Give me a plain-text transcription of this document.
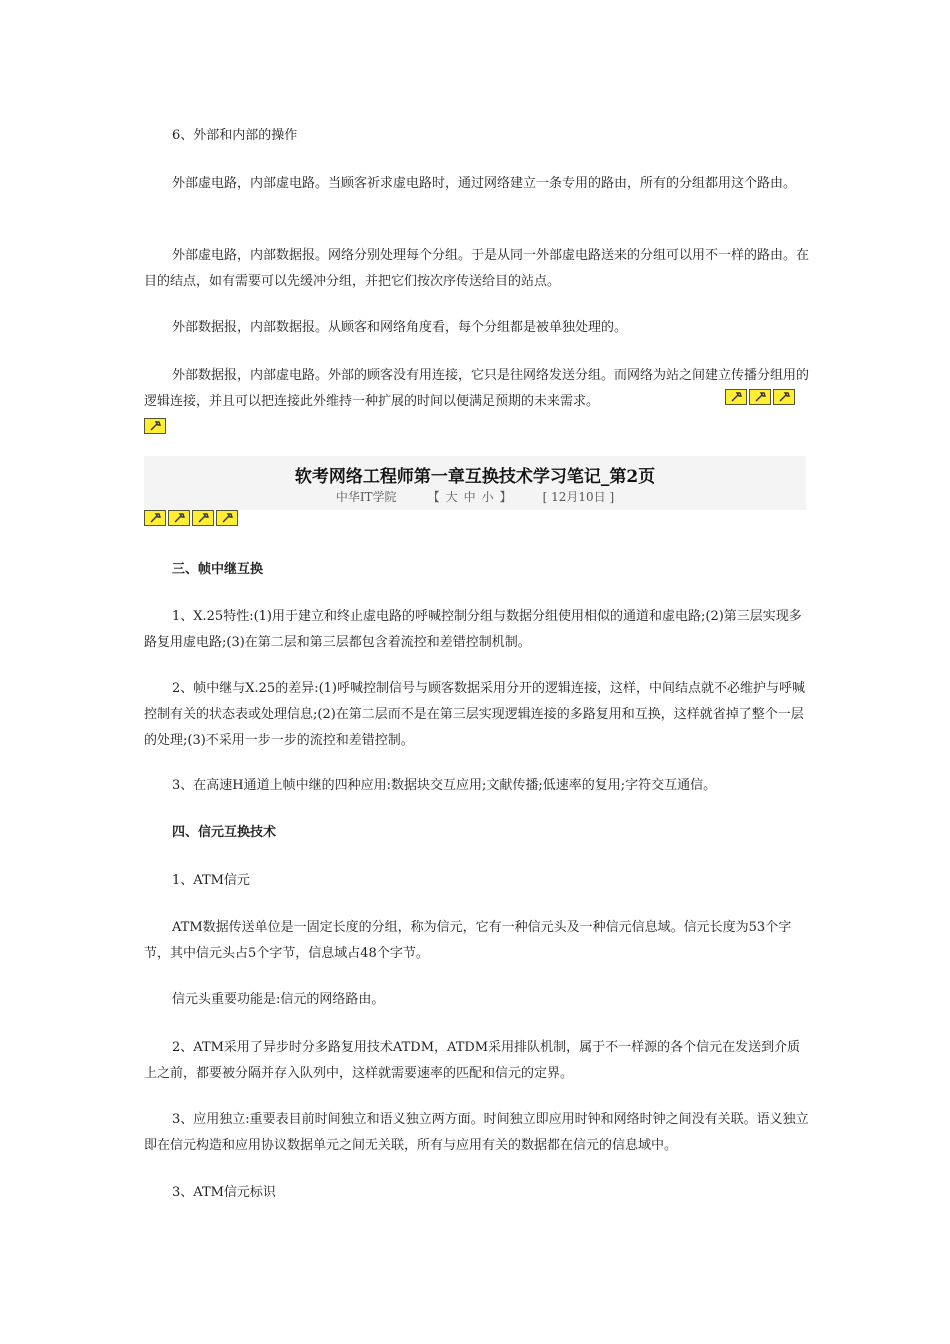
6、外部和内部的操作

外部虚电路，内部虚电路。当顾客祈求虚电路时，通过网络建立一条专用的路由，所有的分组都用这个路由。

外部虚电路，内部数据报。网络分别处理每个分组。于是从同一外部虚电路送来的分组可以用不一样的路由。在目的结点，如有需要可以先缓冲分组，并把它们按次序传送给目的站点。

外部数据报，内部数据报。从顾客和网络角度看，每个分组都是被单独处理的。

外部数据报，内部虚电路。外部的顾客没有用连接，它只是往网络发送分组。而网络为站之间建立传播分组用的逻辑连接，并且可以把连接此外维持一种扩展的时间以便满足预期的未来需求。

软考网络工程师第一章互换技术学习笔记_第2页
中华IT学院	【 大 中 小 】	[ 12月10日 ]

三、帧中继互换

1、X.25特性:(1)用于建立和终止虚电路的呼喊控制分组与数据分组使用相似的通道和虚电路;(2)第三层实现多路复用虚电路;(3)在第二层和第三层都包含着流控和差错控制机制。

2、帧中继与X.25的差异:(1)呼喊控制信号与顾客数据采用分开的逻辑连接，这样，中间结点就不必维护与呼喊控制有关的状态表或处理信息;(2)在第二层而不是在第三层实现逻辑连接的多路复用和互换，这样就省掉了整个一层的处理;(3)不采用一步一步的流控和差错控制。

3、在高速H通道上帧中继的四种应用:数据块交互应用;文献传播;低速率的复用;字符交互通信。

四、信元互换技术

1、ATM信元

ATM数据传送单位是一固定长度的分组，称为信元，它有一种信元头及一种信元信息域。信元长度为53个字节，其中信元头占5个字节，信息域占48个字节。

信元头重要功能是:信元的网络路由。

2、ATM采用了异步时分多路复用技术ATDM，ATDM采用排队机制，属于不一样源的各个信元在发送到介质上之前，都要被分隔并存入队列中，这样就需要速率的匹配和信元的定界。

3、应用独立:重要表目前时间独立和语义独立两方面。时间独立即应用时钟和网络时钟之间没有关联。语义独立即在信元构造和应用协议数据单元之间无关联，所有与应用有关的数据都在信元的信息域中。

3、ATM信元标识
